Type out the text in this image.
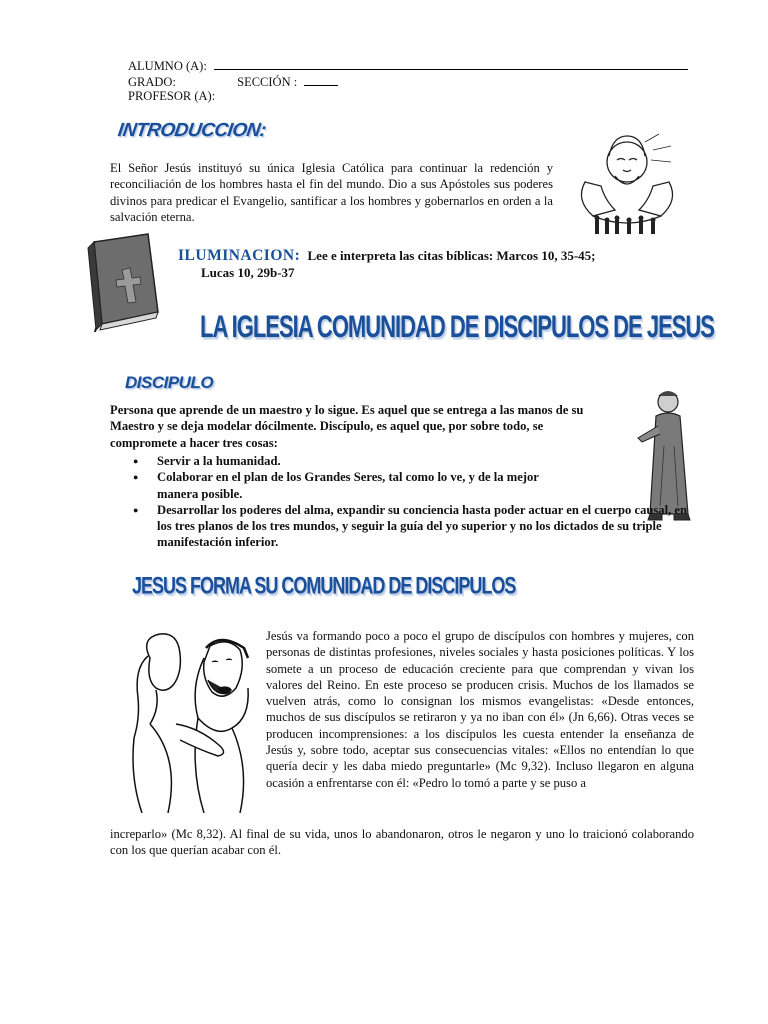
ALUMNO (A):
GRADO:	SECCIÓN :
PROFESOR (A):
INTRODUCCION:
El Señor Jesús instituyó su única Iglesia Católica para continuar la redención y reconciliación de los hombres hasta el fin del mundo. Dio a sus Apóstoles sus poderes divinos para predicar el Evangelio, santificar a los hombres y gobernarlos en orden a la salvación eterna.
ILUMINACION: Lee e interpreta las citas bíblicas: Marcos 10, 35-45;
Lucas 10, 29b-37
LA IGLESIA COMUNIDAD DE DISCIPULOS DE JESUS
DISCIPULO
Persona que aprende de un maestro y lo sigue. Es aquel que se entrega a las manos de su Maestro y se deja modelar dócilmente. Discípulo, es aquel que, por sobre todo, se compromete a hacer tres cosas:
● Servir a la humanidad.
● Colaborar en el plan de los Grandes Seres, tal como lo ve, y de la mejor manera posible.
● Desarrollar los poderes del alma, expandir su conciencia hasta poder actuar en el cuerpo causal, en los tres planos de los tres mundos, y seguir la guía del yo superior y no los dictados de su triple manifestación inferior.
JESUS FORMA SU COMUNIDAD DE DISCIPULOS
Jesús va formando poco a poco el grupo de discípulos con hombres y mujeres, con personas de distintas profesiones, niveles sociales y hasta posiciones políticas. Y los somete a un proceso de educación creciente para que comprendan y vivan los valores del Reino. En este proceso se producen crisis. Muchos de los llamados se vuelven atrás, como lo consignan los mismos evangelistas: «Desde entonces, muchos de sus discípulos se retiraron y ya no iban con él» (Jn 6,66). Otras veces se producen incomprensiones: a los discípulos les cuesta entender la enseñanza de Jesús y, sobre todo, aceptar sus consecuencias vitales: «Ellos no entendían lo que quería decir y les daba miedo preguntarle» (Mc 9,32). Incluso llegaron en alguna ocasión a enfrentarse con él: «Pedro lo tomó a parte y se puso a
increparlo» (Mc 8,32). Al final de su vida, unos lo abandonaron, otros le negaron y uno lo traicionó colaborando con los que querían acabar con él.
